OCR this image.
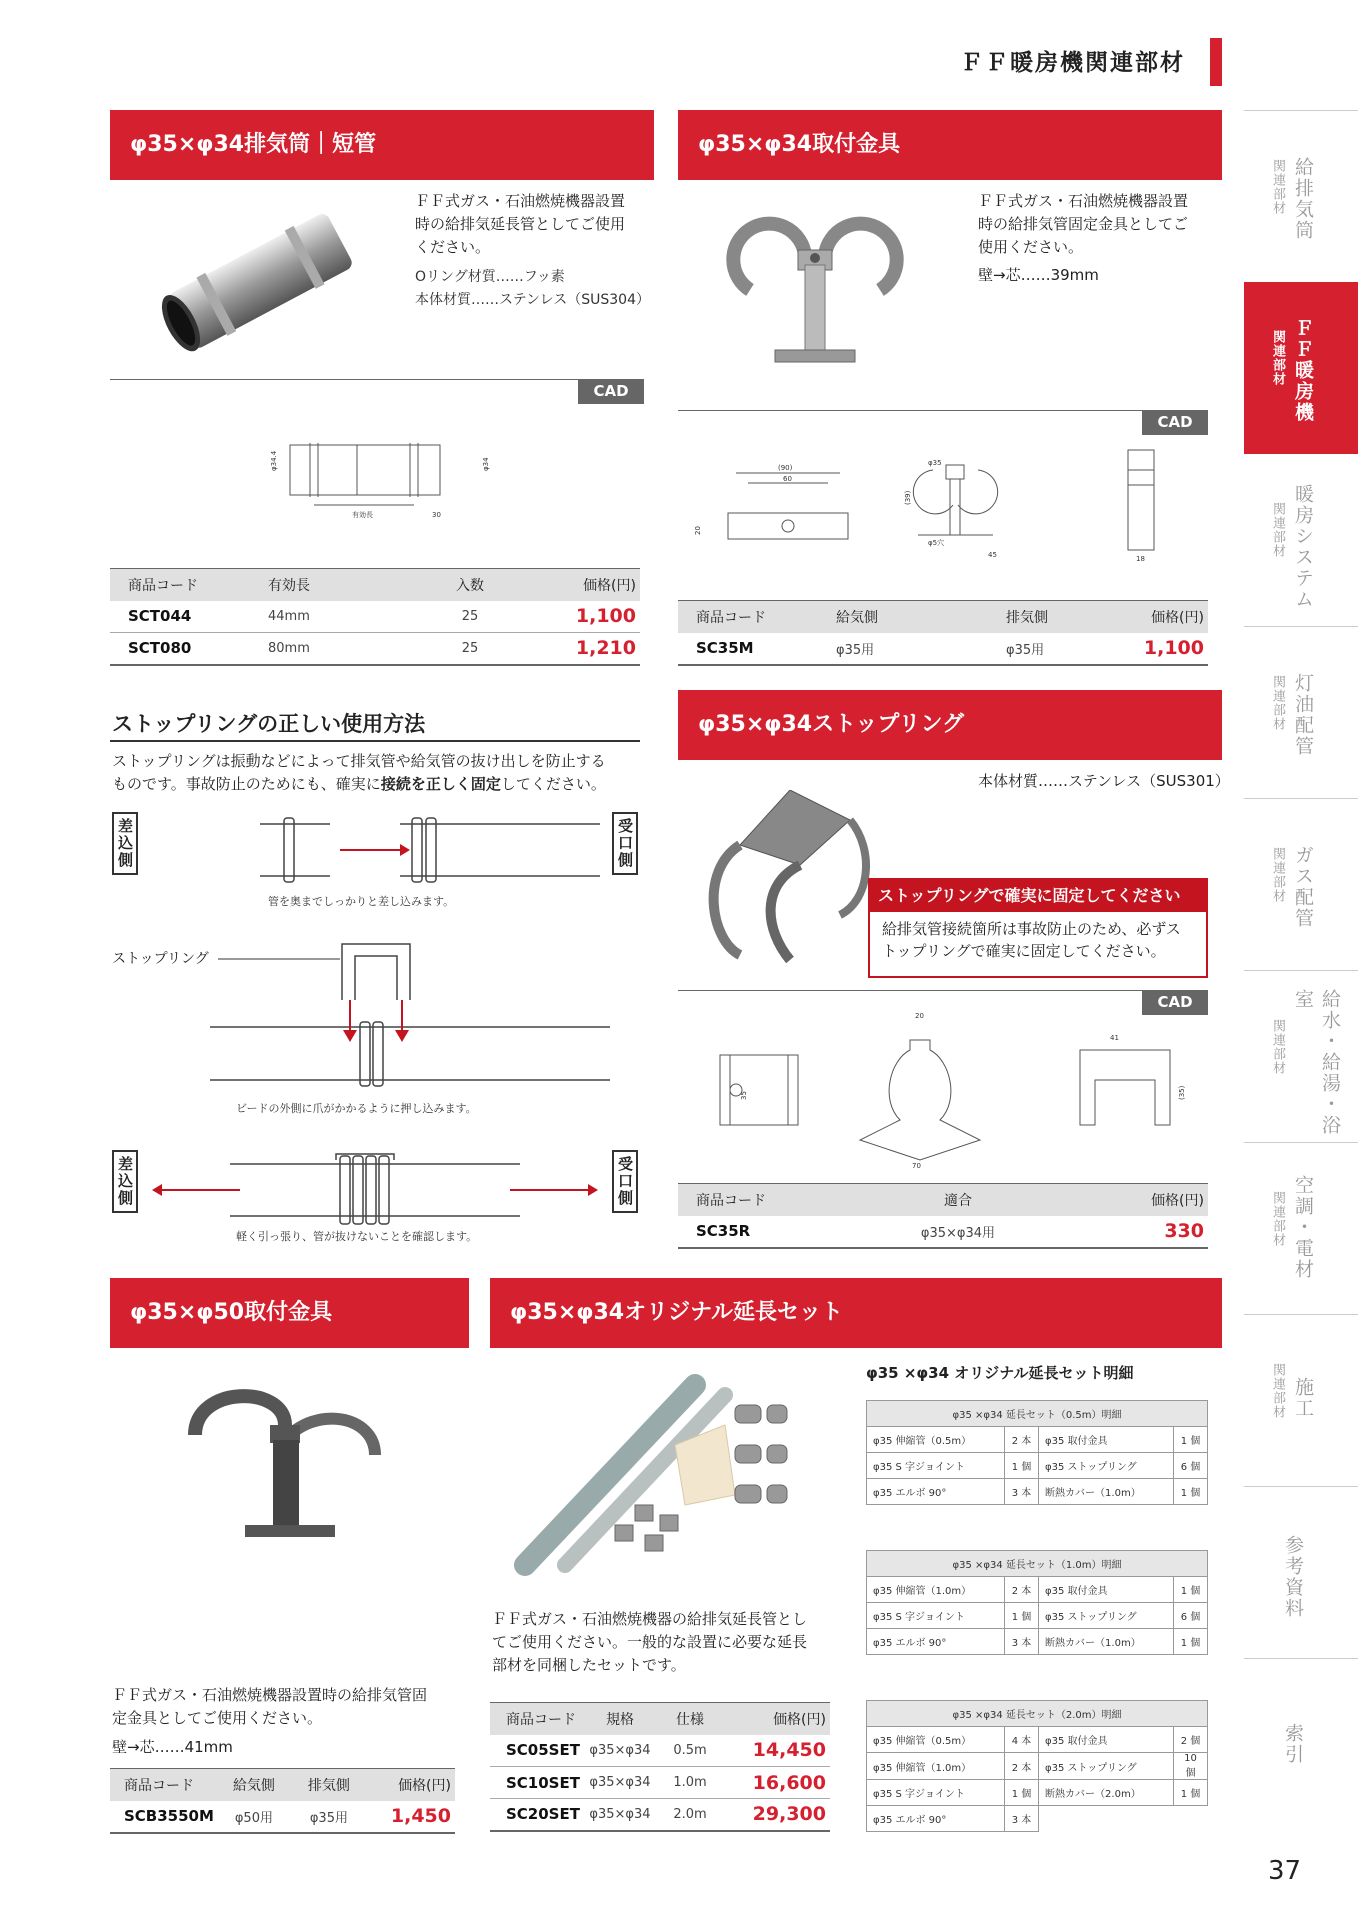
ＦＦ暖房機関連部材
給排気筒
関連部材
ＦＦ暖房機
関連部材
暖房システム
関連部材
灯油配管
関連部材
ガス配管
関連部材
給水・給湯・浴室
関連部材
空調・電材
関連部材
施工
関連部材
参考資料
索引
37
φ35×φ34排気筒｜短管
ＦＦ式ガス・石油燃焼機器設置
時の給排気延長管としてご使用
ください。
Oリング材質……フッ素
本体材質……ステンレス（SUS304）
CAD
φ34.4	φ34
有効長	30
商品コード	有効長	入数	価格(円)
SCT044	44mm	25	1,100
SCT080	80mm	25	1,210
φ35×φ34取付金具
ＦＦ式ガス・石油燃焼機器設置
時の給排気管固定金具としてご
使用ください。
壁→芯……39mm
CAD
(90)
60
20
(39)
φ35
φ5穴
45	18
商品コード	給気側	排気側	価格(円)
SC35M	φ35用	φ35用	1,100
ストップリングの正しい使用方法
ストップリングは振動などによって排気管や給気管の抜け出しを防止する
ものです。事故防止のためにも、確実に接続を正しく固定してください。
差込側	受口側
管を奥までしっかりと差し込みます。
ストップリング
ビードの外側に爪がかかるように押し込みます。
差込側	受口側
軽く引っ張り、管が抜けないことを確認します。
φ35×φ34ストップリング
本体材質……ステンレス（SUS301）
ストップリングで確実に固定してください
給排気管接続箇所は事故防止のため、必ずス
トップリングで確実に固定してください。
CAD
20
41
(35)
70
35
商品コード	適合	価格(円)
SC35R	φ35×φ34用	330
φ35×φ50取付金具
ＦＦ式ガス・石油燃焼機器設置時の給排気管固
定金具としてご使用ください。
壁→芯……41mm
商品コード	給気側	排気側	価格(円)
SCB3550M	φ50用	φ35用	1,450
φ35×φ34オリジナル延長セット
ＦＦ式ガス・石油燃焼機器の給排気延長管とし
てご使用ください。一般的な設置に必要な延長
部材を同梱したセットです。
商品コード	規格	仕様	価格(円)
SC05SET	φ35×φ34	0.5m	14,450
SC10SET	φ35×φ34	1.0m	16,600
SC20SET	φ35×φ34	2.0m	29,300
φ35 ×φ34 オリジナル延長セット明細
φ35 ×φ34 延長セット（0.5m）明細			
φ35 伸縮管（0.5m）	2 本	φ35 取付金具	1 個
φ35 S 字ジョイント	1 個	φ35 ストップリング	6 個
φ35 エルボ 90°	3 本	断熱カバー（1.0m）	1 個
φ35 ×φ34 延長セット（1.0m）明細			
φ35 伸縮管（1.0m）	2 本	φ35 取付金具	1 個
φ35 S 字ジョイント	1 個	φ35 ストップリング	6 個
φ35 エルボ 90°	3 本	断熱カバー（1.0m）	1 個
φ35 ×φ34 延長セット（2.0m）明細			
φ35 伸縮管（0.5m）	4 本	φ35 取付金具	2 個
φ35 伸縮管（1.0m）	2 本	φ35 ストップリング	10 個
φ35 S 字ジョイント	1 個	断熱カバー（2.0m）	1 個
φ35 エルボ 90°	3 本		
